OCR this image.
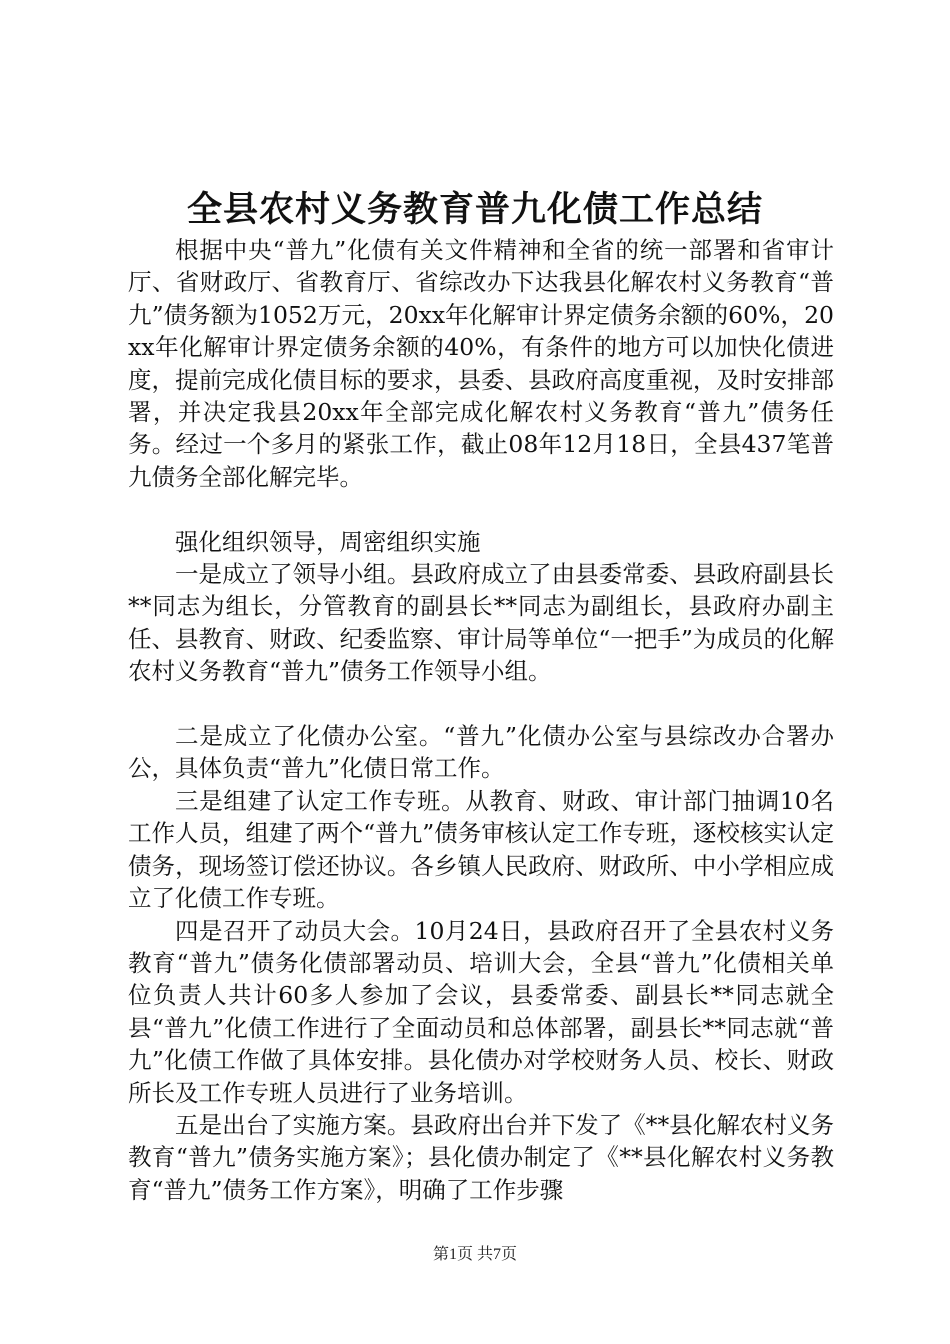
全县农村义务教育普九化债工作总结

根据中央“普九”化债有关文件精神和全省的统一部署和省审计厅、省财政厅、省教育厅、省综改办下达我县化解农村义务教育“普九”债务额为1052万元，20xx年化解审计界定债务余额的60%，20xx年化解审计界定债务余额的40%，有条件的地方可以加快化债进度，提前完成化债目标的要求，县委、县政府高度重视，及时安排部署，并决定我县20xx年全部完成化解农村义务教育“普九”债务任务。经过一个多月的紧张工作，截止08年12月18日，全县437笔普九债务全部化解完毕。

强化组织领导，周密组织实施

一是成立了领导小组。县政府成立了由县委常委、县政府副县长**同志为组长，分管教育的副县长**同志为副组长，县政府办副主任、县教育、财政、纪委监察、审计局等单位“一把手”为成员的化解农村义务教育“普九”债务工作领导小组。

二是成立了化债办公室。“普九”化债办公室与县综改办合署办公，具体负责“普九”化债日常工作。

三是组建了认定工作专班。从教育、财政、审计部门抽调10名工作人员，组建了两个“普九”债务审核认定工作专班，逐校核实认定债务，现场签订偿还协议。各乡镇人民政府、财政所、中小学相应成立了化债工作专班。

四是召开了动员大会。10月24日，县政府召开了全县农村义务教育“普九”债务化债部署动员、培训大会，全县“普九”化债相关单位负责人共计60多人参加了会议，县委常委、副县长**同志就全县“普九”化债工作进行了全面动员和总体部署，副县长**同志就“普九”化债工作做了具体安排。县化债办对学校财务人员、校长、财政所长及工作专班人员进行了业务培训。

五是出台了实施方案。县政府出台并下发了《**县化解农村义务教育“普九”债务实施方案》；县化债办制定了《**县化解农村义务教育“普九”债务工作方案》，明确了工作步骤

第1页 共7页
